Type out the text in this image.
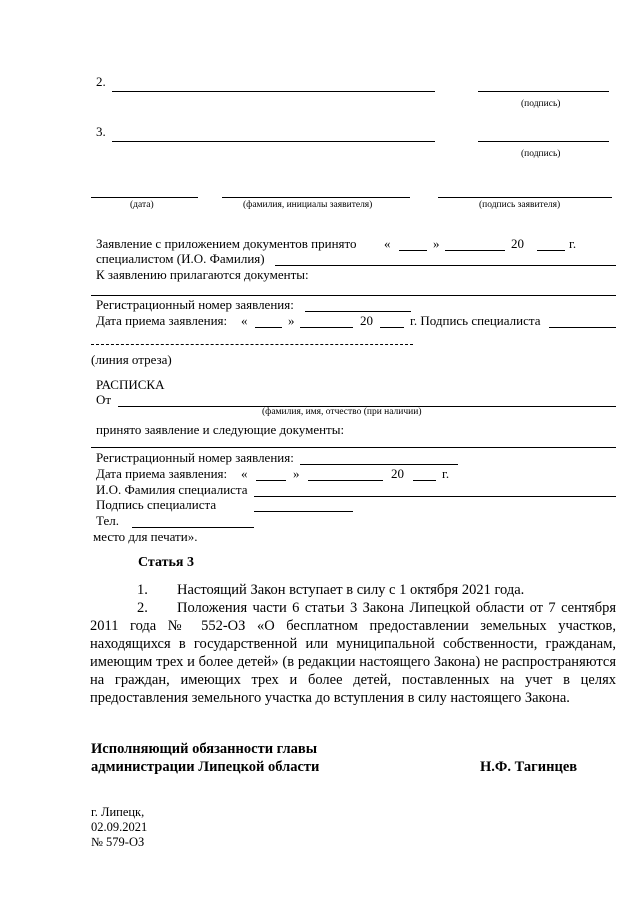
2.
(подпись)
3.
(подпись)
(дата)	(фамилия, инициалы заявителя)	(подпись заявителя)
Заявление с приложением документов принято «	»	20	г.
специалистом (И.О. Фамилия)
К заявлению прилагаются документы:
Регистрационный номер заявления:
Дата приема заявления: «	»	20	г. Подпись специалиста
(линия отреза)
РАСПИСКА
От
(фамилия, имя, отчество (при наличии)
принято заявление и следующие документы:
Регистрационный номер заявления:
Дата приема заявления: «	»	20	г.
И.О. Фамилия специалиста
Подпись специалиста
Тел.
место для печати».
Статья 3
1. Настоящий Закон вступает в силу с 1 октября 2021 года.
2. Положения части 6 статьи 3 Закона Липецкой области от 7 сентября 2011 года № 552-ОЗ «О бесплатном предоставлении земельных участков, находящихся в государственной или муниципальной собственности, гражданам, имеющим трех и более детей» (в редакции настоящего Закона) не распространяются на граждан, имеющих трех и более детей, поставленных на учет в целях предоставления земельного участка до вступления в силу настоящего Закона.
Исполняющий обязанности главы
администрации Липецкой области	Н.Ф. Тагинцев
г. Липецк,
02.09.2021
№ 579-ОЗ
